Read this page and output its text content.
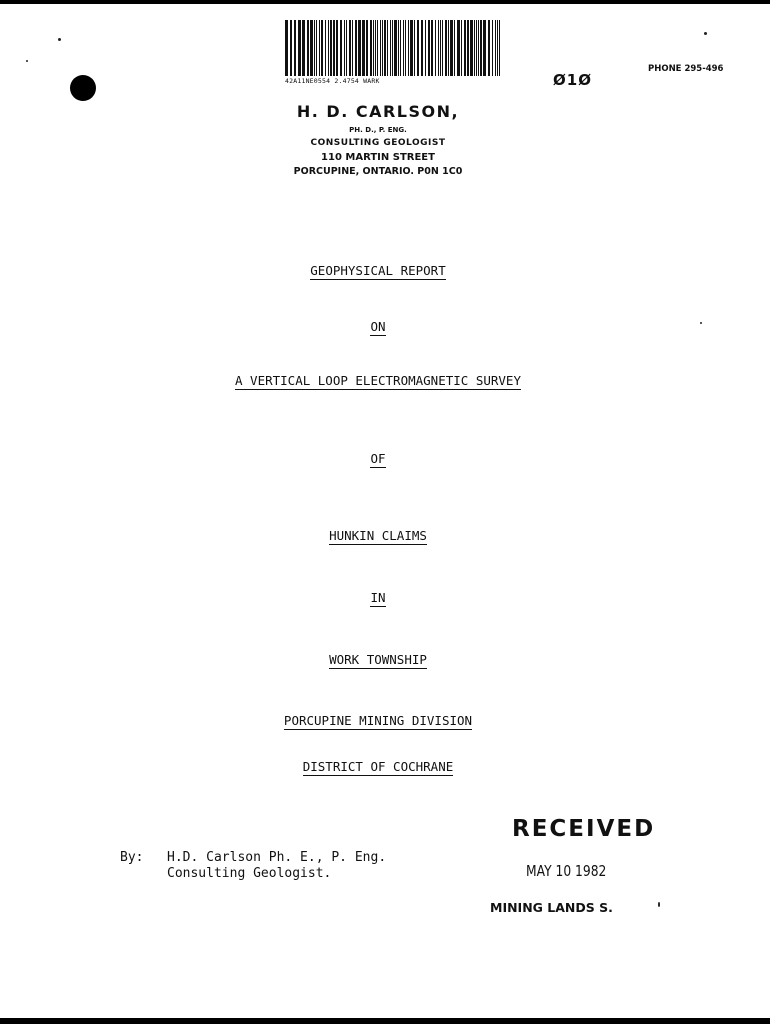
42A11NE0554 2.4754 WARK	Ø1Ø
PHONE 295-496
H. D. CARLSON,
PH. D., P. ENG.
CONSULTING GEOLOGIST
110 MARTIN STREET
PORCUPINE, ONTARIO. P0N 1C0
GEOPHYSICAL REPORT
ON
A VERTICAL LOOP ELECTROMAGNETIC SURVEY
OF
HUNKIN CLAIMS
IN
WORK TOWNSHIP
PORCUPINE MINING DIVISION
DISTRICT OF COCHRANE
By: H.D. Carlson Ph. E., P. Eng.
Consulting Geologist.
RECEIVED
MAY 10 1982
MINING LANDS S.
